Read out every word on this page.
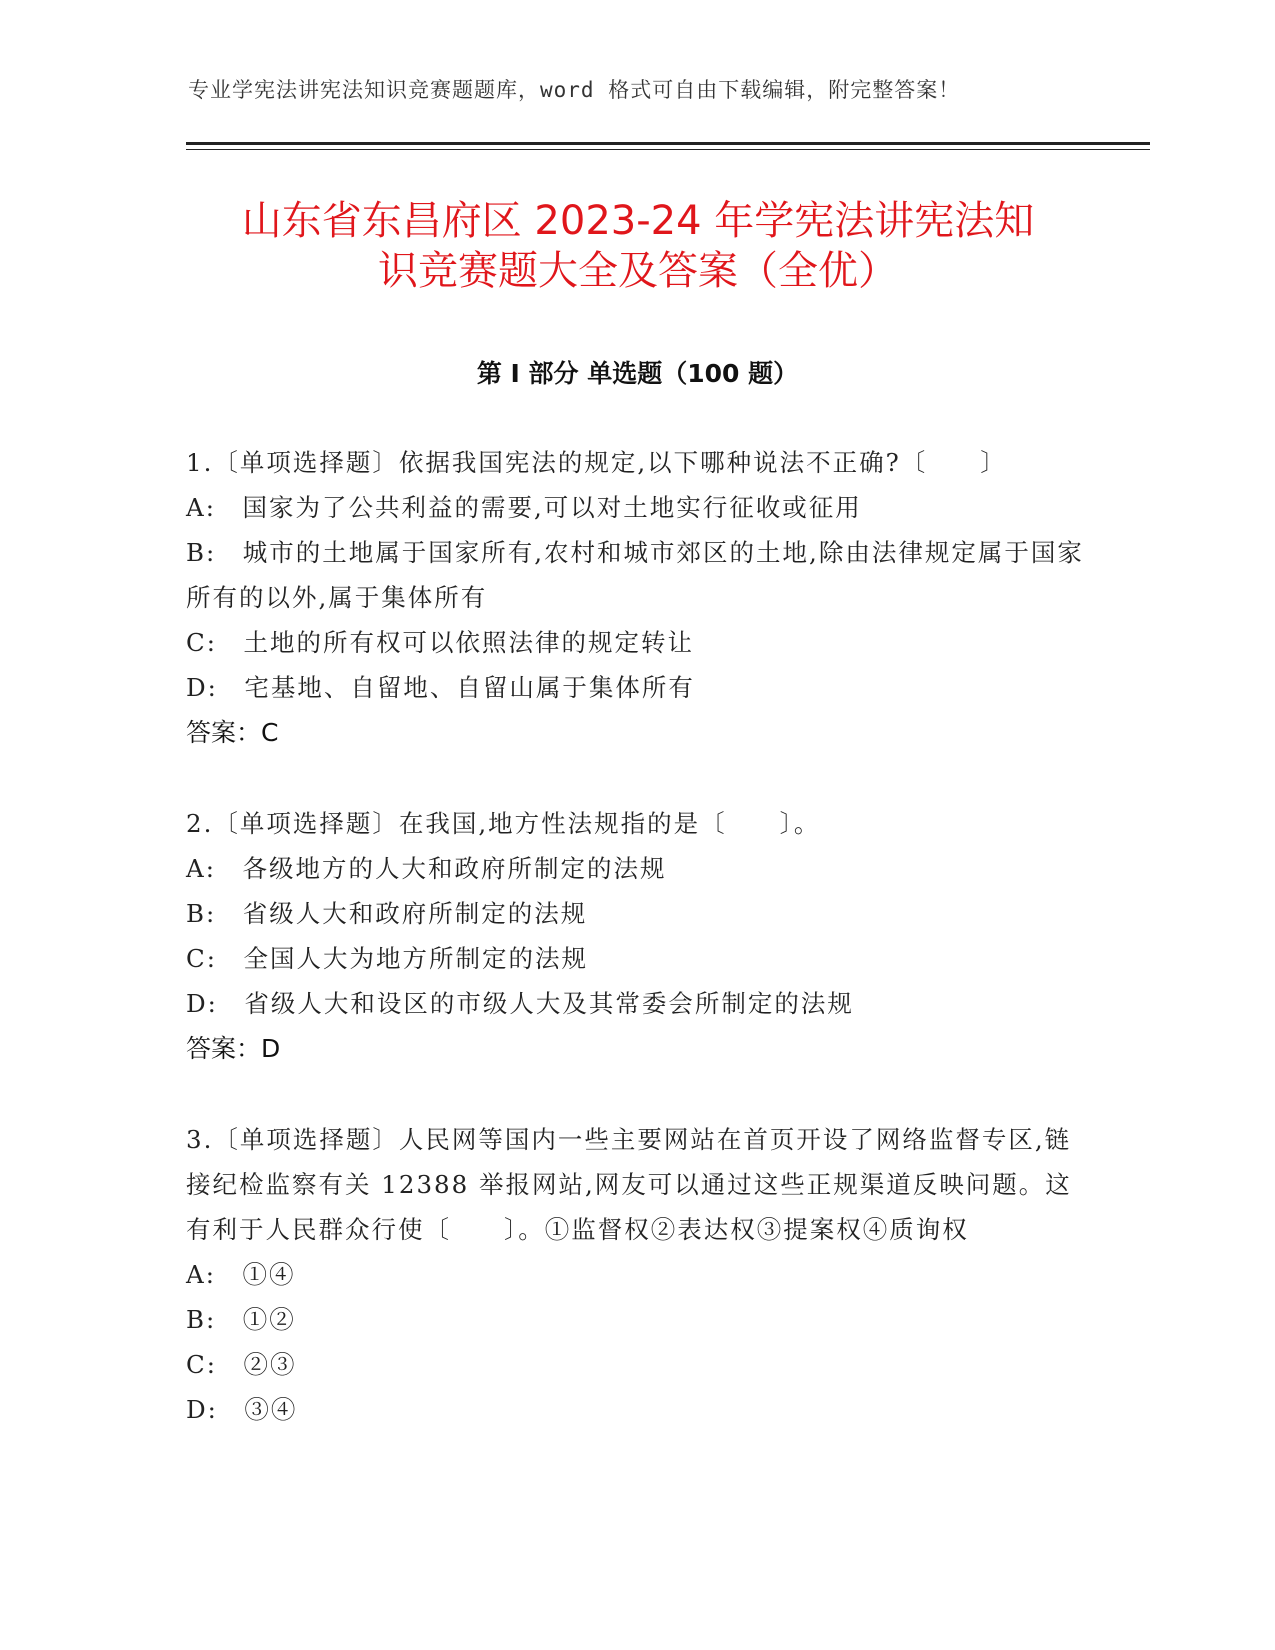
专业学宪法讲宪法知识竞赛题题库，word 格式可自由下载编辑，附完整答案！
山东省东昌府区 2023-24 年学宪法讲宪法知
识竞赛题大全及答案（全优）
第 I 部分 单选题（100 题）
1.〔单项选择题〕依据我国宪法的规定,以下哪种说法不正确?〔　　〕
A:　国家为了公共利益的需要,可以对土地实行征收或征用
B:　城市的土地属于国家所有,农村和城市郊区的土地,除由法律规定属于国家所有的以外,属于集体所有
C:　土地的所有权可以依照法律的规定转让
D:　宅基地、自留地、自留山属于集体所有
答案：C
2.〔单项选择题〕在我国,地方性法规指的是〔　　〕。
A:　各级地方的人大和政府所制定的法规
B:　省级人大和政府所制定的法规
C:　全国人大为地方所制定的法规
D:　省级人大和设区的市级人大及其常委会所制定的法规
答案：D
3.〔单项选择题〕人民网等国内一些主要网站在首页开设了网络监督专区,链接纪检监察有关 12388 举报网站,网友可以通过这些正规渠道反映问题。这有利于人民群众行使〔　　〕。①监督权②表达权③提案权④质询权
A:　①④
B:　①②
C:　②③
D:　③④
